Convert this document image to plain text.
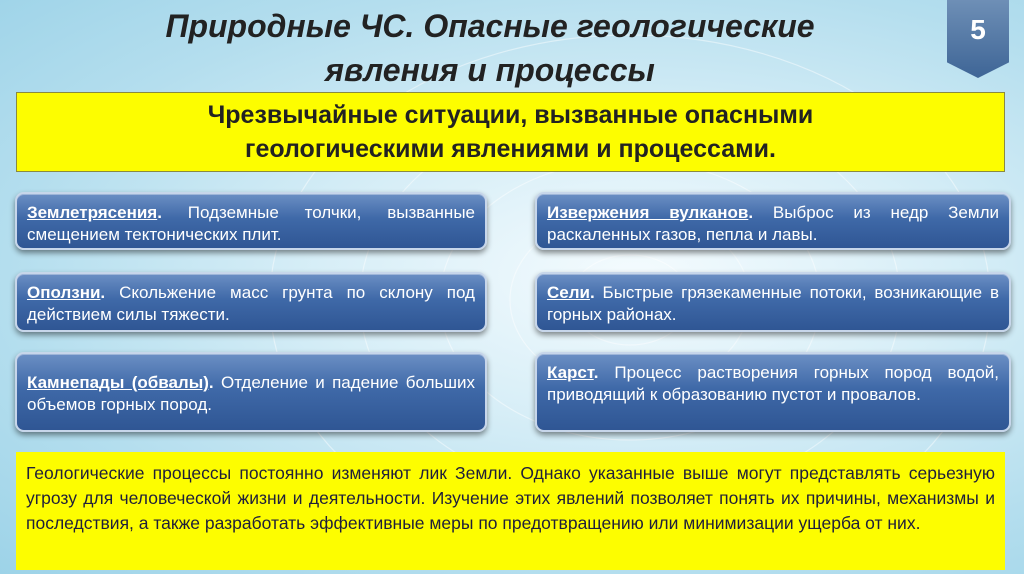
Природные ЧС. Опасные геологические
явления и процессы
5
Чрезвычайные ситуации, вызванные опасными геологическими явлениями и процессами.
Землетрясения. Подземные толчки, вызванные смещением тектонических плит.
Извержения вулканов. Выброс из недр Земли раскаленных газов, пепла и лавы.
Оползни. Скольжение масс грунта по склону под действием силы тяжести.
Сели. Быстрые грязекаменные потоки, возникающие в горных районах.
Камнепады (обвалы). Отделение и падение больших объемов горных пород.
Карст. Процесс растворения горных пород водой, приводящий к образованию пустот и провалов.
Геологические процессы постоянно изменяют лик Земли. Однако указанные выше могут представлять серьезную угрозу для человеческой жизни и деятельности. Изучение этих явлений позволяет понять их причины, механизмы и последствия, а также разработать эффективные меры по предотвращению или минимизации ущерба от них.
